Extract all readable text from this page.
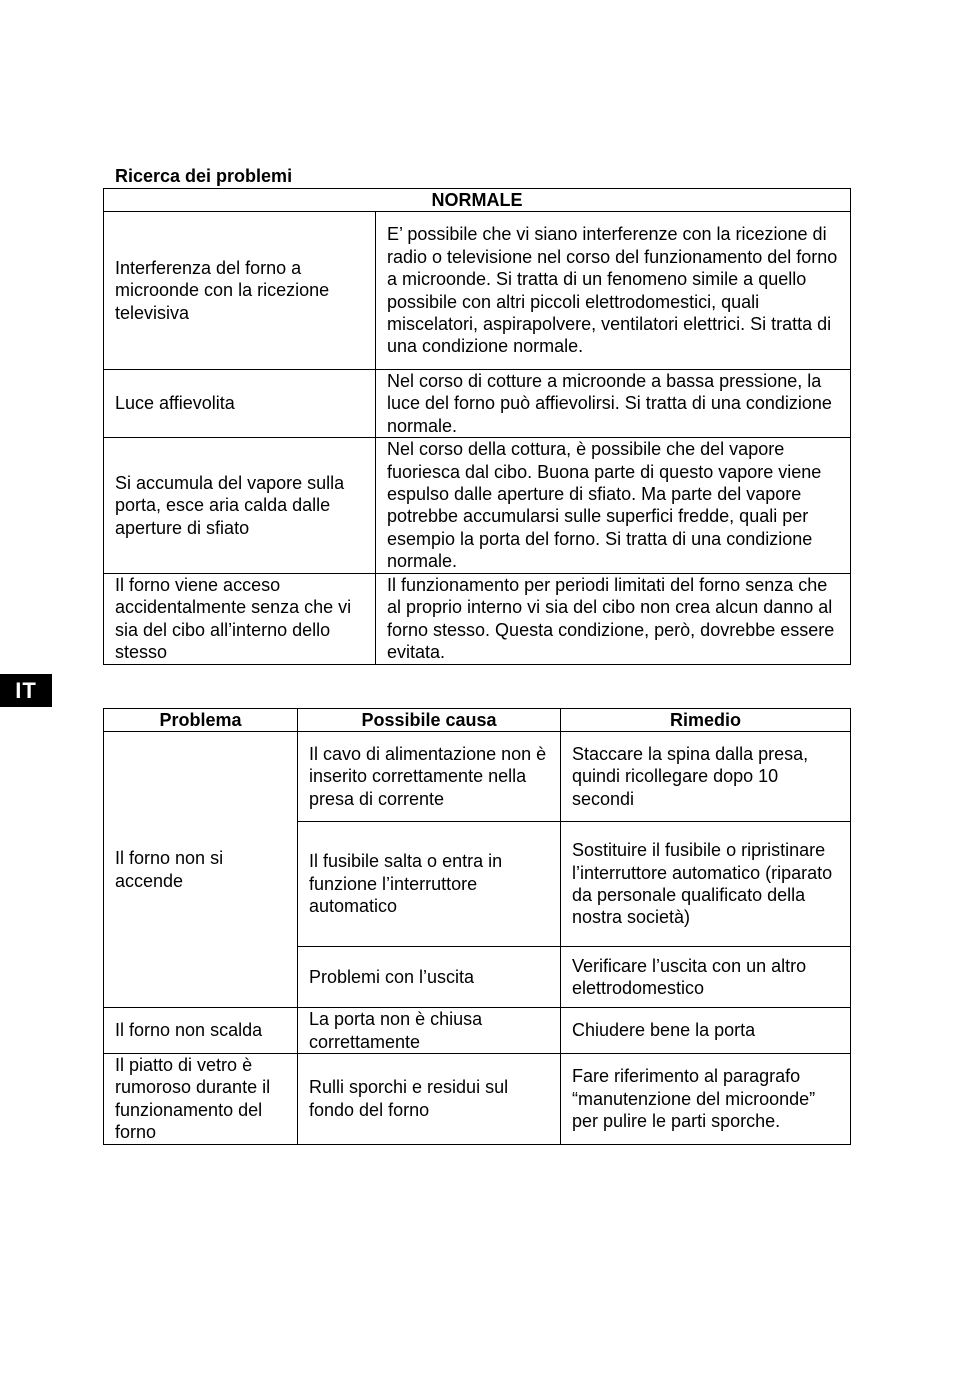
Ricerca dei problemi
NORMALE	
Interferenza del forno a microonde con la ricezione televisiva	E’ possibile che vi siano interferenze con la ricezione di radio o televisione nel corso del funzionamento del forno a microonde. Si tratta di un fenomeno simile a quello possibile con altri piccoli elettrodomestici, quali miscelatori, aspirapolvere, ventilatori elettrici. Si tratta di una condizione normale.
Luce affievolita	Nel corso di cotture a microonde a bassa pressione, la luce del forno può affievolirsi. Si tratta di una condizione normale.
Si accumula del vapore sulla porta, esce aria calda dalle aperture di sfiato	Nel corso della cottura, è possibile che del vapore fuoriesca dal cibo. Buona parte di questo vapore viene espulso dalle aperture di sfiato. Ma parte del vapore potrebbe accumularsi sulle superfici fredde, quali per esempio la porta del forno. Si tratta di una condizione normale.
Il forno viene acceso accidentalmente senza che vi sia del cibo all’interno dello stesso	Il funzionamento per periodi limitati del forno senza che al proprio interno vi sia del cibo non crea alcun danno al forno stesso. Questa condizione, però, dovrebbe essere evitata.
IT
Problema	Possibile causa	Rimedio
Il forno non si accende	Il cavo di alimentazione non è inserito correttamente nella presa di corrente	Staccare la spina dalla presa, quindi ricollegare dopo 10 secondi
	Il fusibile salta o entra in funzione l’interruttore automatico	Sostituire il fusibile o ripristinare l’interruttore automatico (riparato da personale qualificato della nostra società)
	Problemi con l’uscita	Verificare l’uscita con un altro elettrodomestico
Il forno non scalda	La porta non è chiusa correttamente	Chiudere bene la porta
Il piatto di vetro è rumoroso durante il funzionamento del forno	Rulli sporchi e residui sul fondo del forno	Fare riferimento al paragrafo “manutenzione del microonde” per pulire le parti sporche.
